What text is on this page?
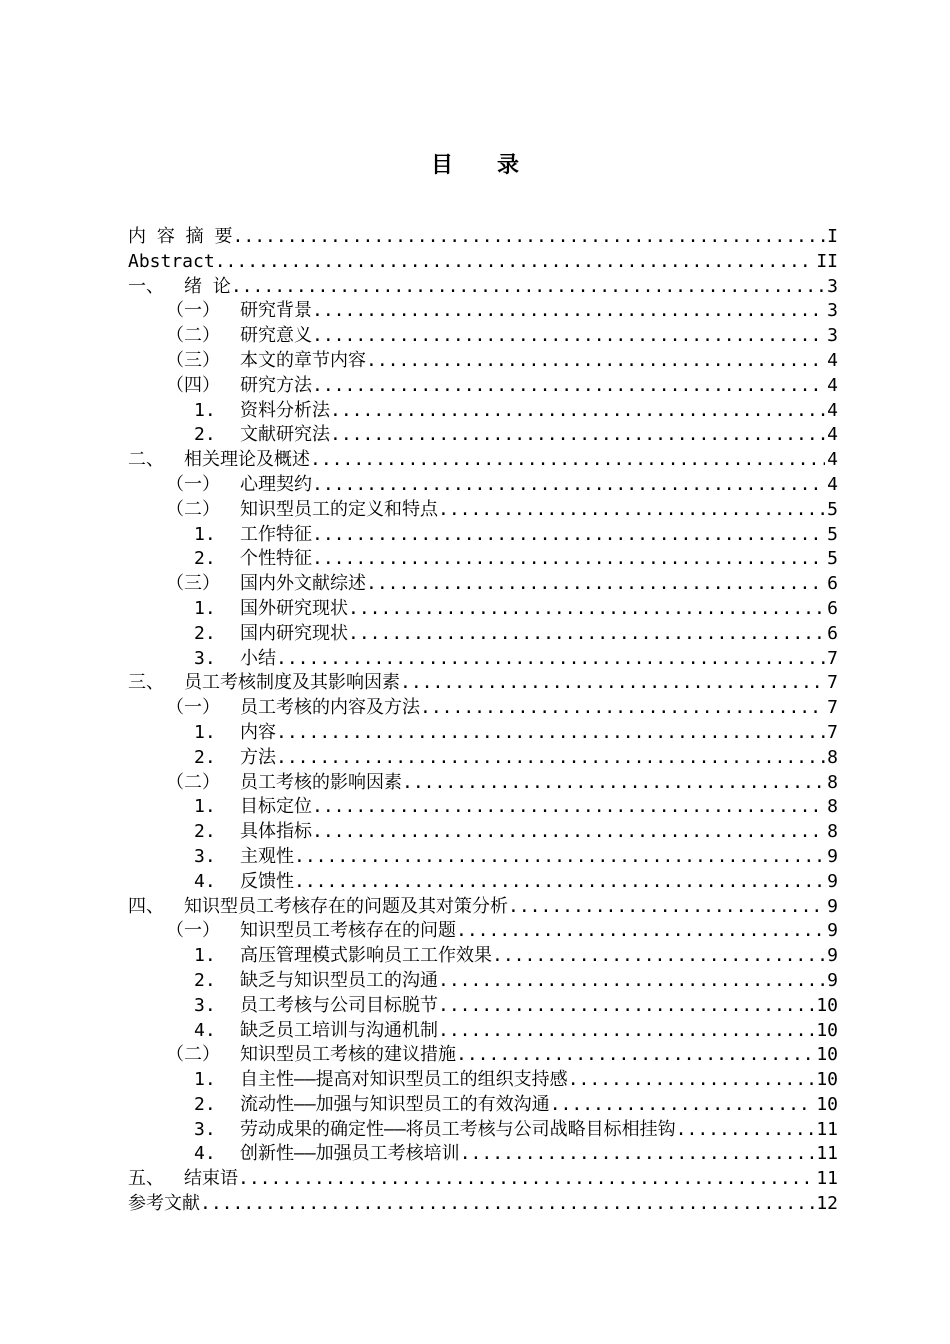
目 录
内 容 摘 要 .....	I
Abstract .....	II
一、 绪 论 .....	3
（一） 研究背景 .....	3
（二） 研究意义 .....	3
（三） 本文的章节内容 .....	4
（四） 研究方法 .....	4
1. 资料分析法 .....	4
2. 文献研究法 .....	4
二、 相关理论及概述 .....	4
（一） 心理契约 .....	4
（二） 知识型员工的定义和特点 .....	5
1. 工作特征 .....	5
2. 个性特征 .....	5
（三） 国内外文献综述 .....	6
1. 国外研究现状 .....	6
2. 国内研究现状 .....	6
3. 小结 .....	7
三、 员工考核制度及其影响因素 .....	7
（一） 员工考核的内容及方法 .....	7
1. 内容 .....	7
2. 方法 .....	8
（二） 员工考核的影响因素 .....	8
1. 目标定位 .....	8
2. 具体指标 .....	8
3. 主观性 .....	9
4. 反馈性 .....	9
四、 知识型员工考核存在的问题及其对策分析 .....	9
（一） 知识型员工考核存在的问题 .....	9
1. 高压管理模式影响员工工作效果 .....	9
2. 缺乏与知识型员工的沟通 .....	9
3. 员工考核与公司目标脱节 .....	10
4. 缺乏员工培训与沟通机制 .....	10
（二） 知识型员工考核的建议措施 .....	10
1. 自主性——提高对知识型员工的组织支持感 .....	10
2. 流动性——加强与知识型员工的有效沟通 .....	10
3. 劳动成果的确定性——将员工考核与公司战略目标相挂钩 .....	11
4. 创新性——加强员工考核培训 .....	11
五、 结束语 .....	11
参考文献 .....	12
